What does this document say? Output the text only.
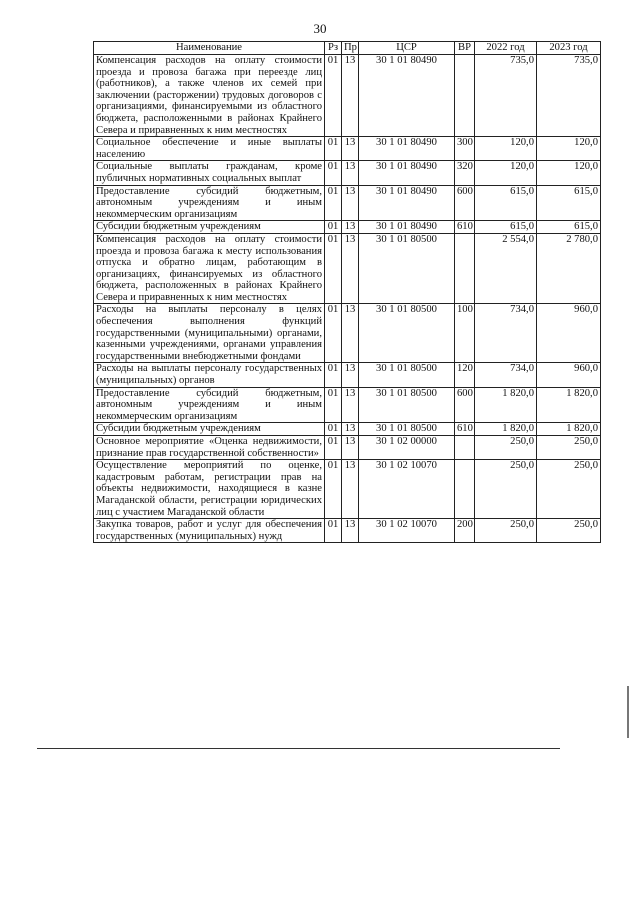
30
Наименование	Рз	Пр	ЦСР	ВР	2022 год	2023 год
Компенсация расходов на оплату стоимости проезда и провоза багажа при переезде лиц (работников), а также членов их семей при заключении (расторжении) трудовых договоров с организациями, финансируемыми из областного бюджета, расположенными в районах Крайнего Севера и приравненных к ним местностях	01	13	30 1 01 80490		735,0	735,0
Социальное обеспечение и иные выплаты населению	01	13	30 1 01 80490	300	120,0	120,0
Социальные выплаты гражданам, кроме публичных нормативных социальных выплат	01	13	30 1 01 80490	320	120,0	120,0
Предоставление субсидий бюджетным, автономным учреждениям и иным некоммерческим организациям	01	13	30 1 01 80490	600	615,0	615,0
Субсидии бюджетным учреждениям	01	13	30 1 01 80490	610	615,0	615,0
Компенсация расходов на оплату стоимости проезда и провоза багажа к месту использования отпуска и обратно лицам, работающим в организациях, финансируемых из областного бюджета, расположенных в районах Крайнего Севера и приравненных к ним местностях	01	13	30 1 01 80500		2 554,0	2 780,0
Расходы на выплаты персоналу в целях обеспечения выполнения функций государственными (муниципальными) органами, казенными учреждениями, органами управления государственными внебюджетными фондами	01	13	30 1 01 80500	100	734,0	960,0
Расходы на выплаты персоналу государственных (муниципальных) органов	01	13	30 1 01 80500	120	734,0	960,0
Предоставление субсидий бюджетным, автономным учреждениям и иным некоммерческим организациям	01	13	30 1 01 80500	600	1 820,0	1 820,0
Субсидии бюджетным учреждениям	01	13	30 1 01 80500	610	1 820,0	1 820,0
Основное мероприятие «Оценка недвижимости, признание прав государственной собственности»	01	13	30 1 02 00000		250,0	250,0
Осуществление мероприятий по оценке, кадастровым работам, регистрации прав на объекты недвижимости, находящиеся в казне Магаданской области, регистрации юридических лиц с участием Магаданской области	01	13	30 1 02 10070		250,0	250,0
Закупка товаров, работ и услуг для обеспечения государственных (муниципальных) нужд	01	13	30 1 02 10070	200	250,0	250,0
